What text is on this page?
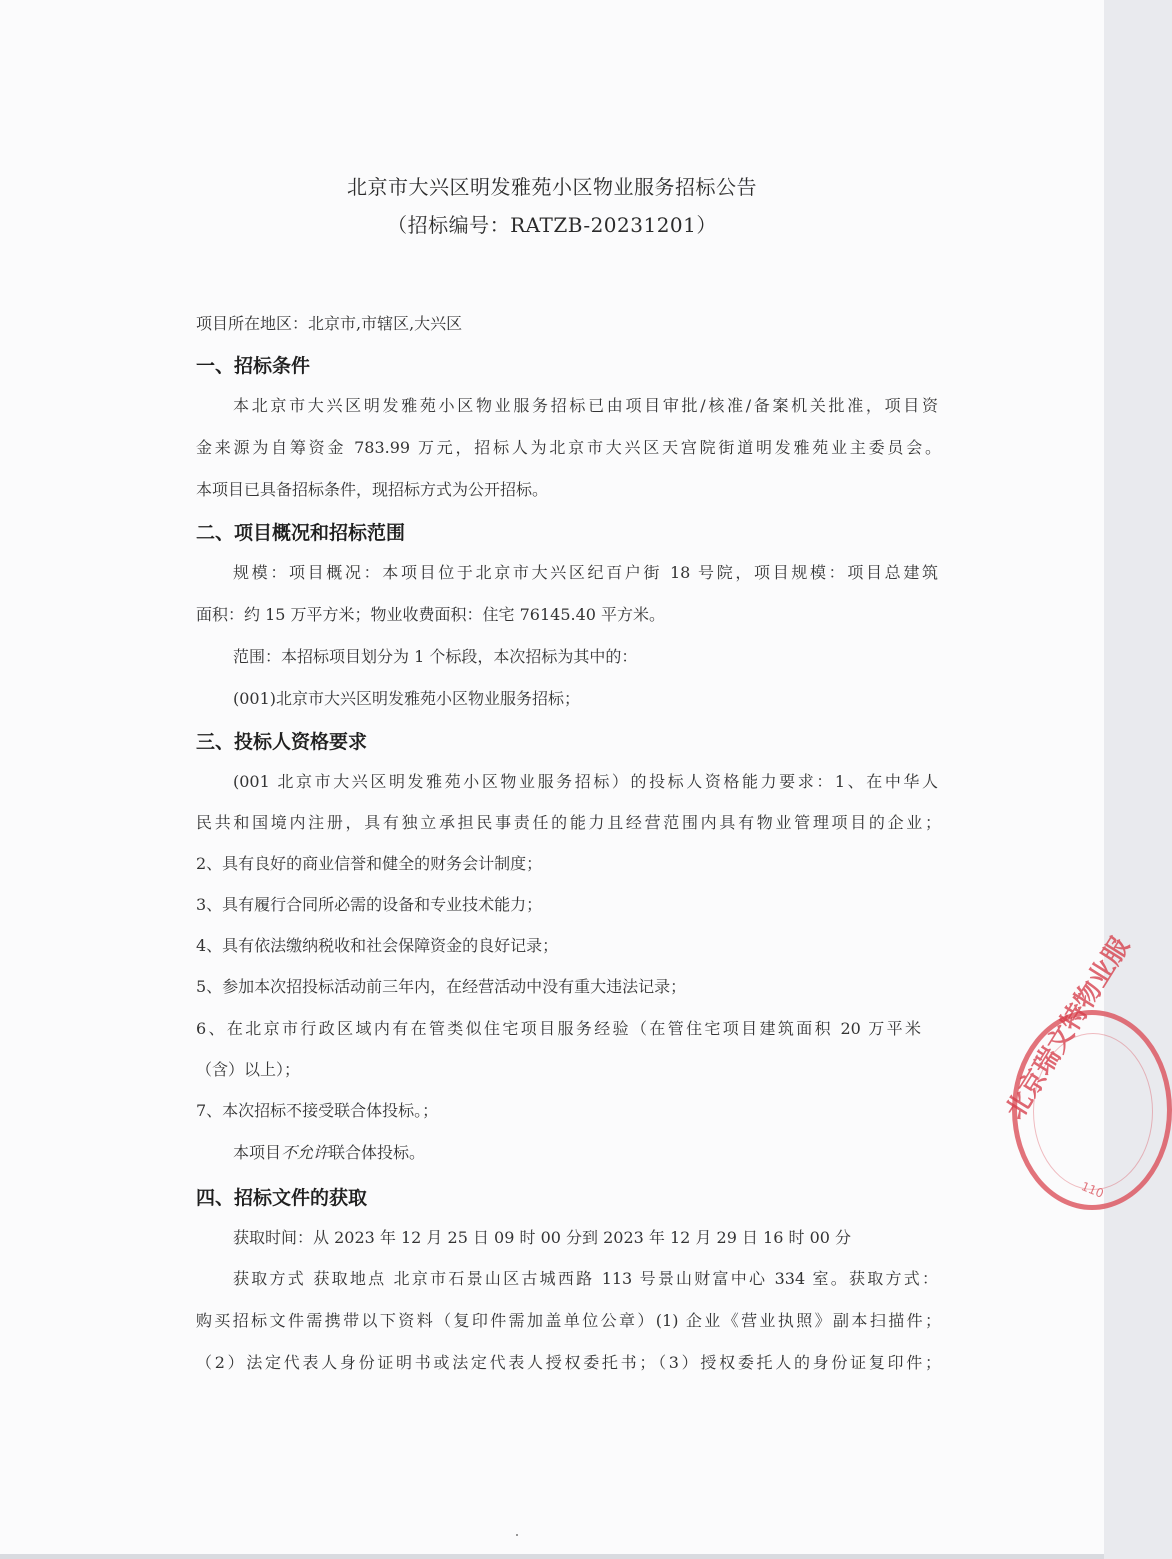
北京市大兴区明发雅苑小区物业服务招标公告
（招标编号：RATZB-20231201）
项目所在地区：北京市,市辖区,大兴区
一、招标条件
本北京市大兴区明发雅苑小区物业服务招标已由项目审批/核准/备案机关批准，项目资
金来源为自筹资金 783.99 万元，招标人为北京市大兴区天宫院街道明发雅苑业主委员会。
本项目已具备招标条件，现招标方式为公开招标。
二、项目概况和招标范围
规模：项目概况：本项目位于北京市大兴区纪百户街 18 号院，项目规模：项目总建筑
面积：约 15 万平方米；物业收费面积：住宅 76145.40 平方米。
范围：本招标项目划分为 1 个标段，本次招标为其中的：
(001)北京市大兴区明发雅苑小区物业服务招标；
三、投标人资格要求
(001 北京市大兴区明发雅苑小区物业服务招标）的投标人资格能力要求：1、在中华人
民共和国境内注册，具有独立承担民事责任的能力且经营范围内具有物业管理项目的企业；
2、具有良好的商业信誉和健全的财务会计制度；
3、具有履行合同所必需的设备和专业技术能力；
4、具有依法缴纳税收和社会保障资金的良好记录；
5、参加本次招投标活动前三年内，在经营活动中没有重大违法记录；
6、在北京市行政区域内有在管类似住宅项目服务经验（在管住宅项目建筑面积 20 万平米
（含）以上）；
7、本次招标不接受联合体投标。；
本项目不允许联合体投标。
四、招标文件的获取
获取时间：从 2023 年 12 月 25 日 09 时 00 分到 2023 年 12 月 29 日 16 时 00 分
获取方式 获取地点 北京市石景山区古城西路 113 号景山财富中心 334 室。获取方式：
购买招标文件需携带以下资料（复印件需加盖单位公章）(1) 企业《营业执照》副本扫描件；
（2）法定代表人身份证明书或法定代表人授权委托书；（3）授权委托人的身份证复印件；
北京瑞文特物业服
110
